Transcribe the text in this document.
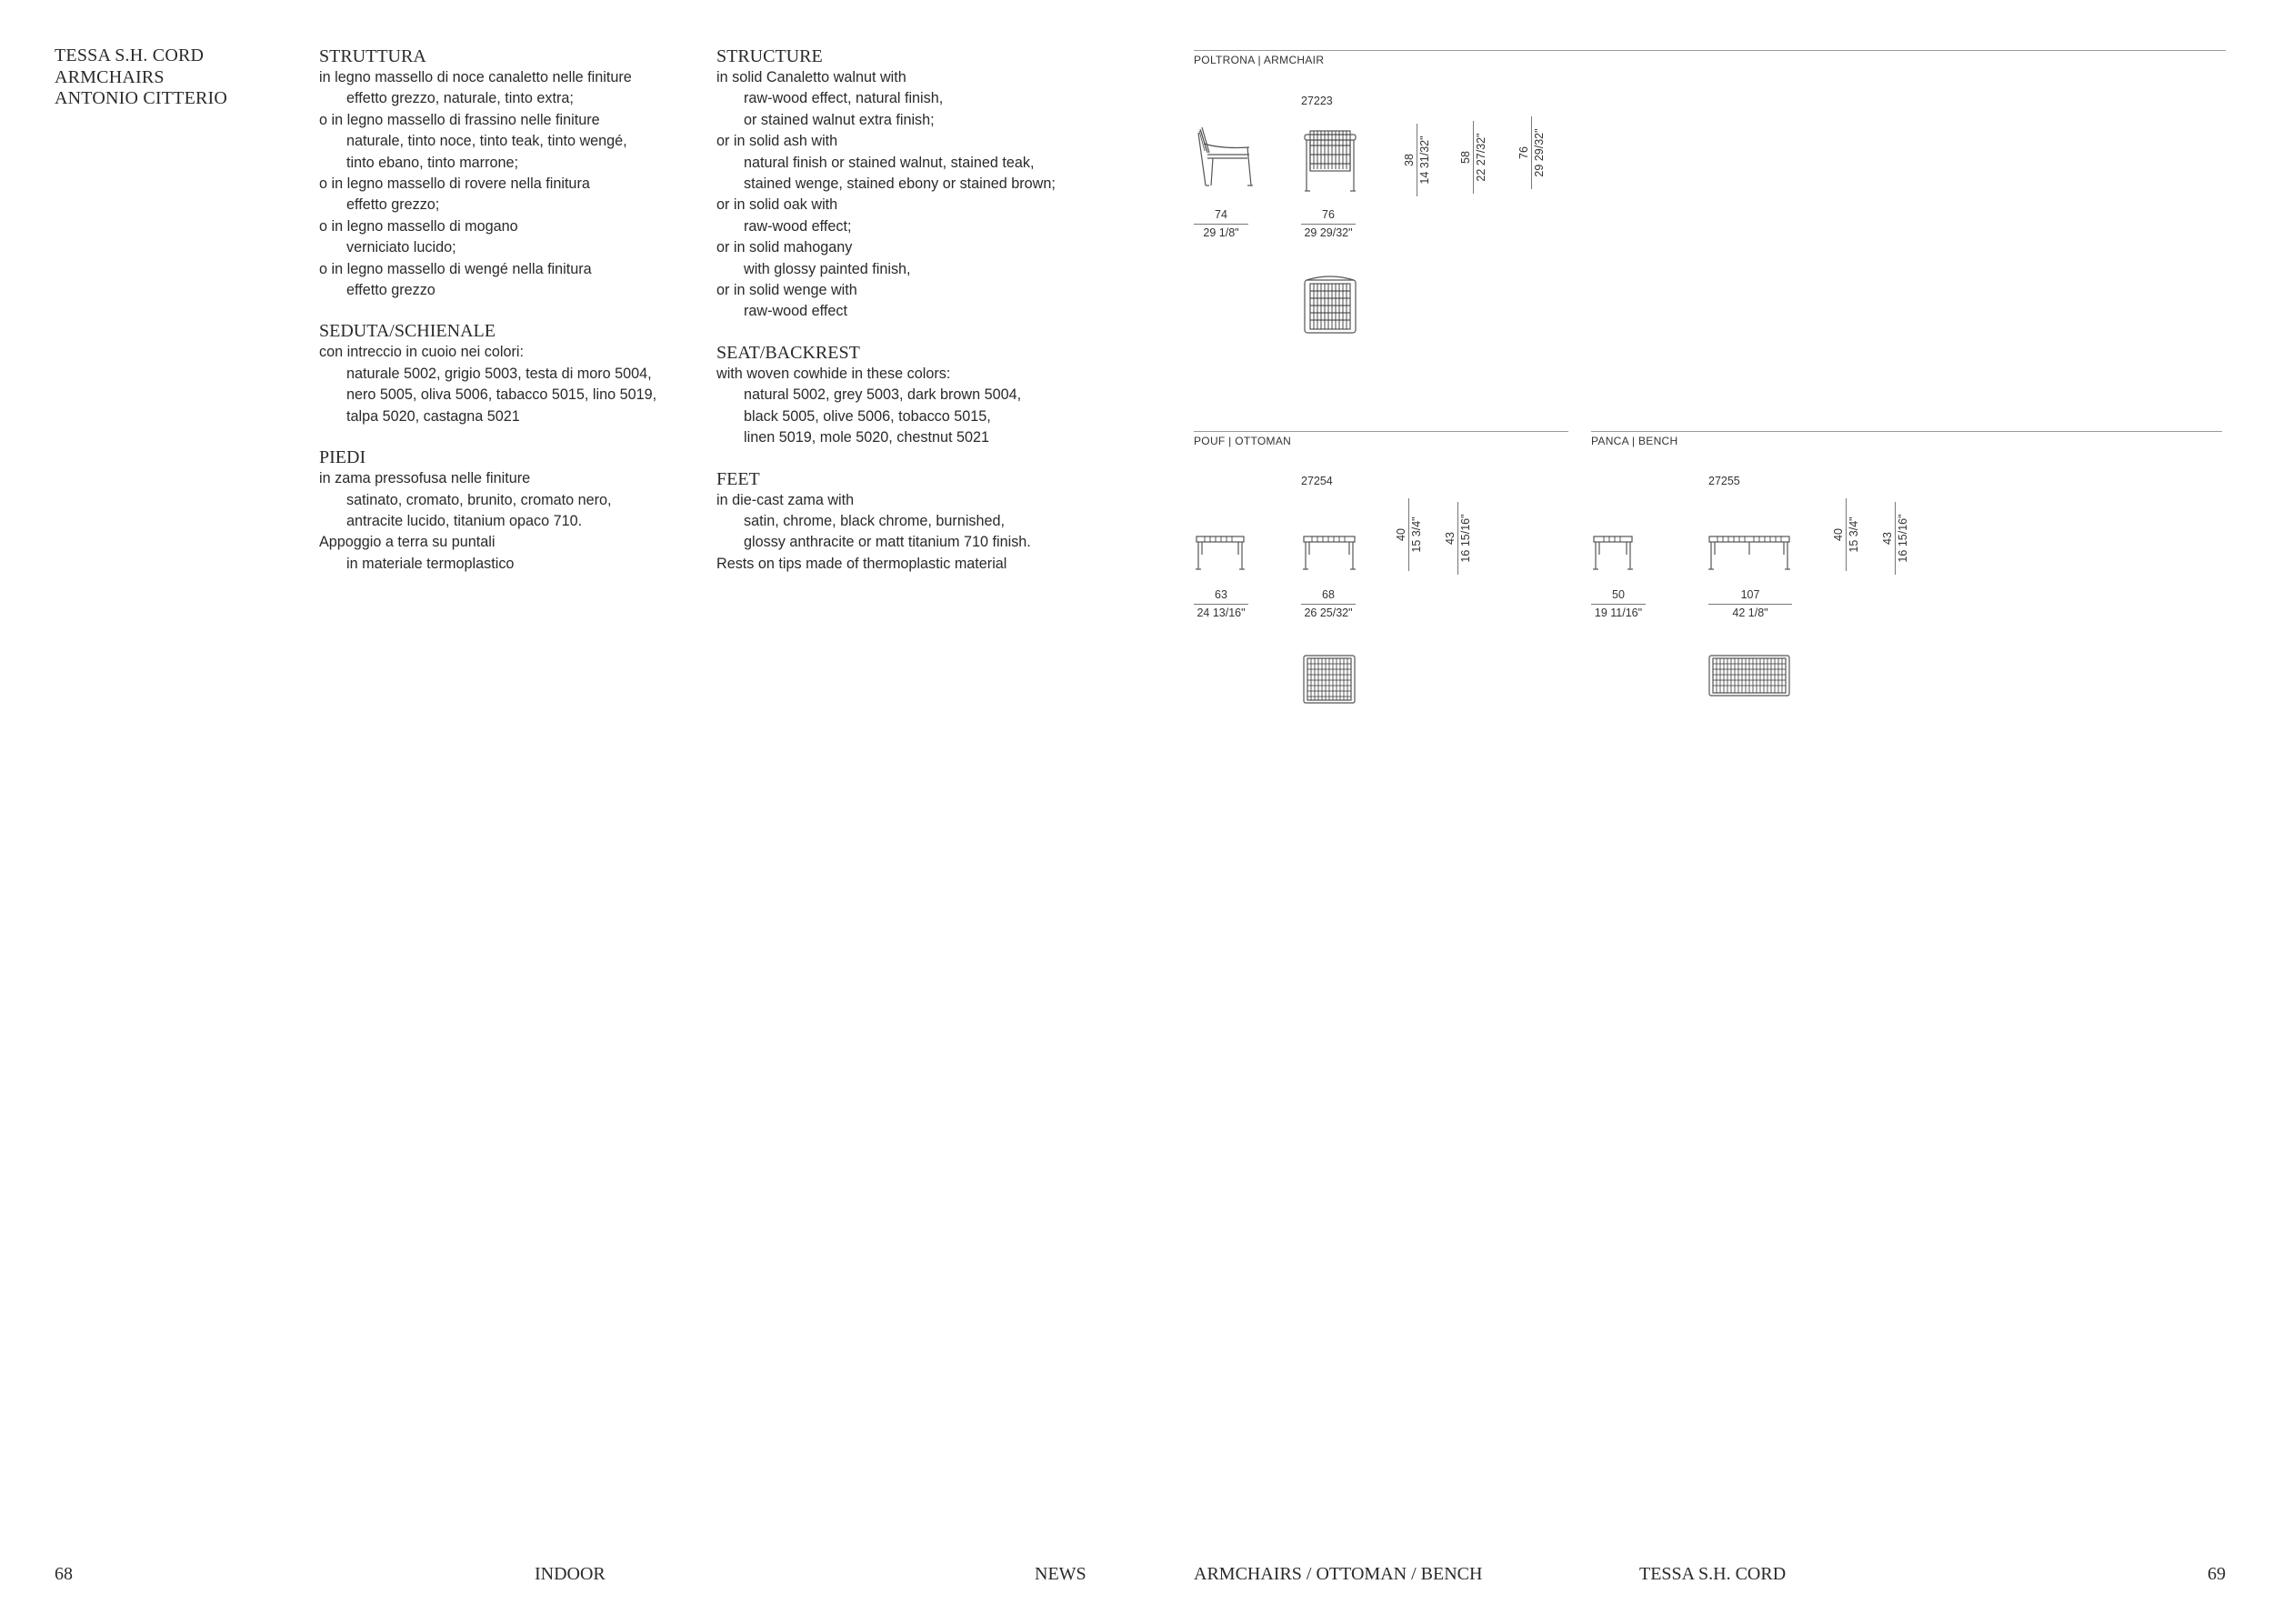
TESSA S.H. CORD
ARMCHAIRS
ANTONIO CITTERIO
STRUTTURA
in legno massello di noce canaletto nelle finiture
effetto grezzo, naturale, tinto extra;
o in legno massello di frassino nelle finiture
naturale, tinto noce, tinto teak, tinto wengé,
tinto ebano, tinto marrone;
o in legno massello di rovere nella finitura
effetto grezzo;
o in legno massello di mogano
verniciato lucido;
o in legno massello di wengé nella finitura
effetto grezzo
SEDUTA/SCHIENALE
con intreccio in cuoio nei colori:
naturale 5002, grigio 5003, testa di moro 5004,
nero 5005, oliva 5006, tabacco 5015, lino 5019,
talpa 5020, castagna 5021
PIEDI
in zama pressofusa nelle finiture
satinato, cromato, brunito, cromato nero,
antracite lucido, titanium opaco 710.
Appoggio a terra su puntali
in materiale termoplastico
STRUCTURE
in solid Canaletto walnut with
raw-wood effect, natural finish,
or stained walnut extra finish;
or in solid ash with
natural finish or stained walnut, stained teak,
stained wenge, stained ebony or stained brown;
or in solid oak with
raw-wood effect;
or in solid mahogany
with glossy painted finish,
or in solid wenge with
raw-wood effect
SEAT/BACKREST
with woven cowhide in these colors:
natural 5002, grey 5003, dark brown 5004,
black 5005, olive 5006, tobacco 5015,
linen 5019, mole 5020, chestnut 5021
FEET
in die-cast zama with
satin, chrome, black chrome, burnished,
glossy anthracite or matt titanium 710 finish.
Rests on tips made of thermoplastic material
POLTRONA | ARMCHAIR
27223
74
29 1/8"
76
29 29/32"
38 14 31/32" 58 22 27/32"	76 29 29/32"
POUF | OTTOMAN
27254
63
24 13/16"
68
26 25/32"
40 15 3/4" 43 16 15/16"
PANCA | BENCH
27255
50
19 11/16"
107
42 1/8"
40 15 3/4" 43 16 15/16"
68	INDOOR	NEWS	ARMCHAIRS / OTTOMAN / BENCH	TESSA S.H. CORD	69
